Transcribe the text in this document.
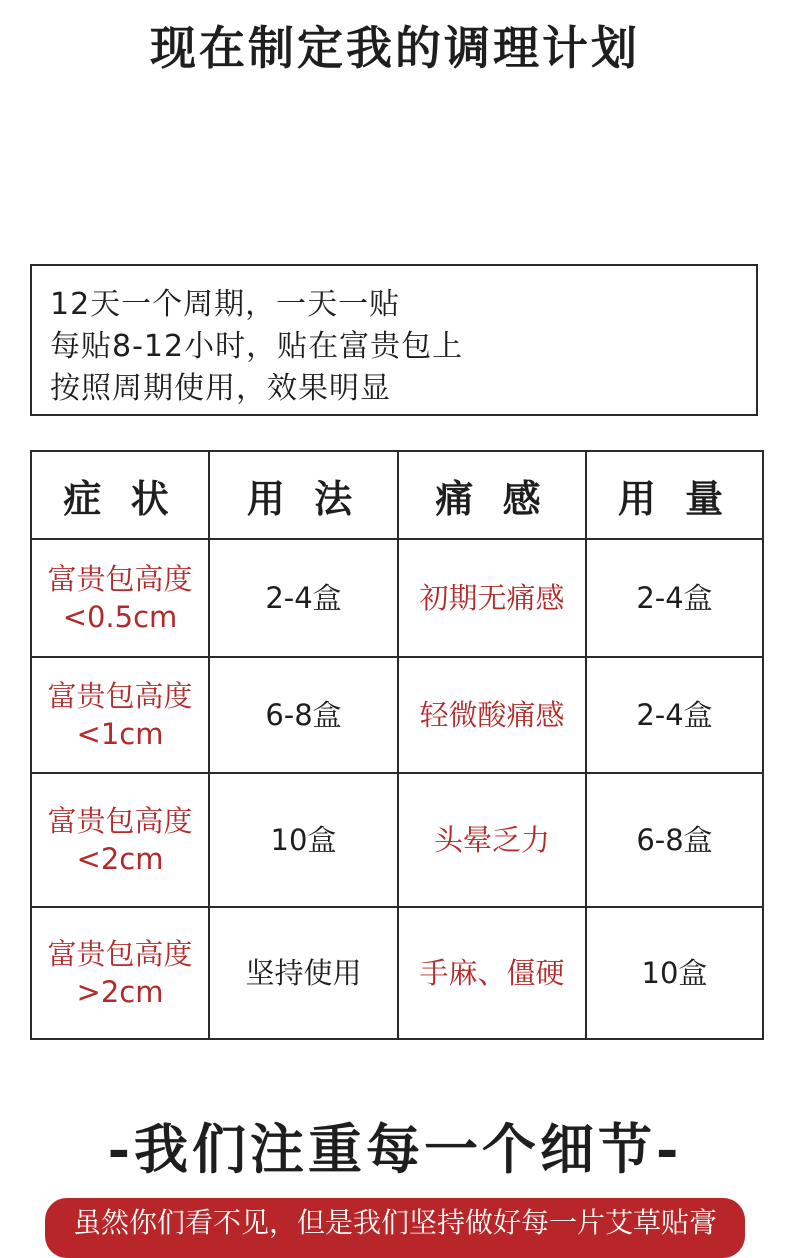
现在制定我的调理计划
12天一个周期，一天一贴
每贴8-12小时，贴在富贵包上
按照周期使用，效果明显
症 状	用 法	痛 感	用 量

富贵包高度
<0.5cm	2-4盒	初期无痛感	2-4盒

富贵包高度
<1cm	6-8盒	轻微酸痛感	2-4盒

富贵包高度
<2cm	10盒	头晕乏力	6-8盒

富贵包高度
>2cm	坚持使用	手麻、僵硬	10盒
-我们注重每一个细节-
虽然你们看不见，但是我们坚持做好每一片艾草贴膏
